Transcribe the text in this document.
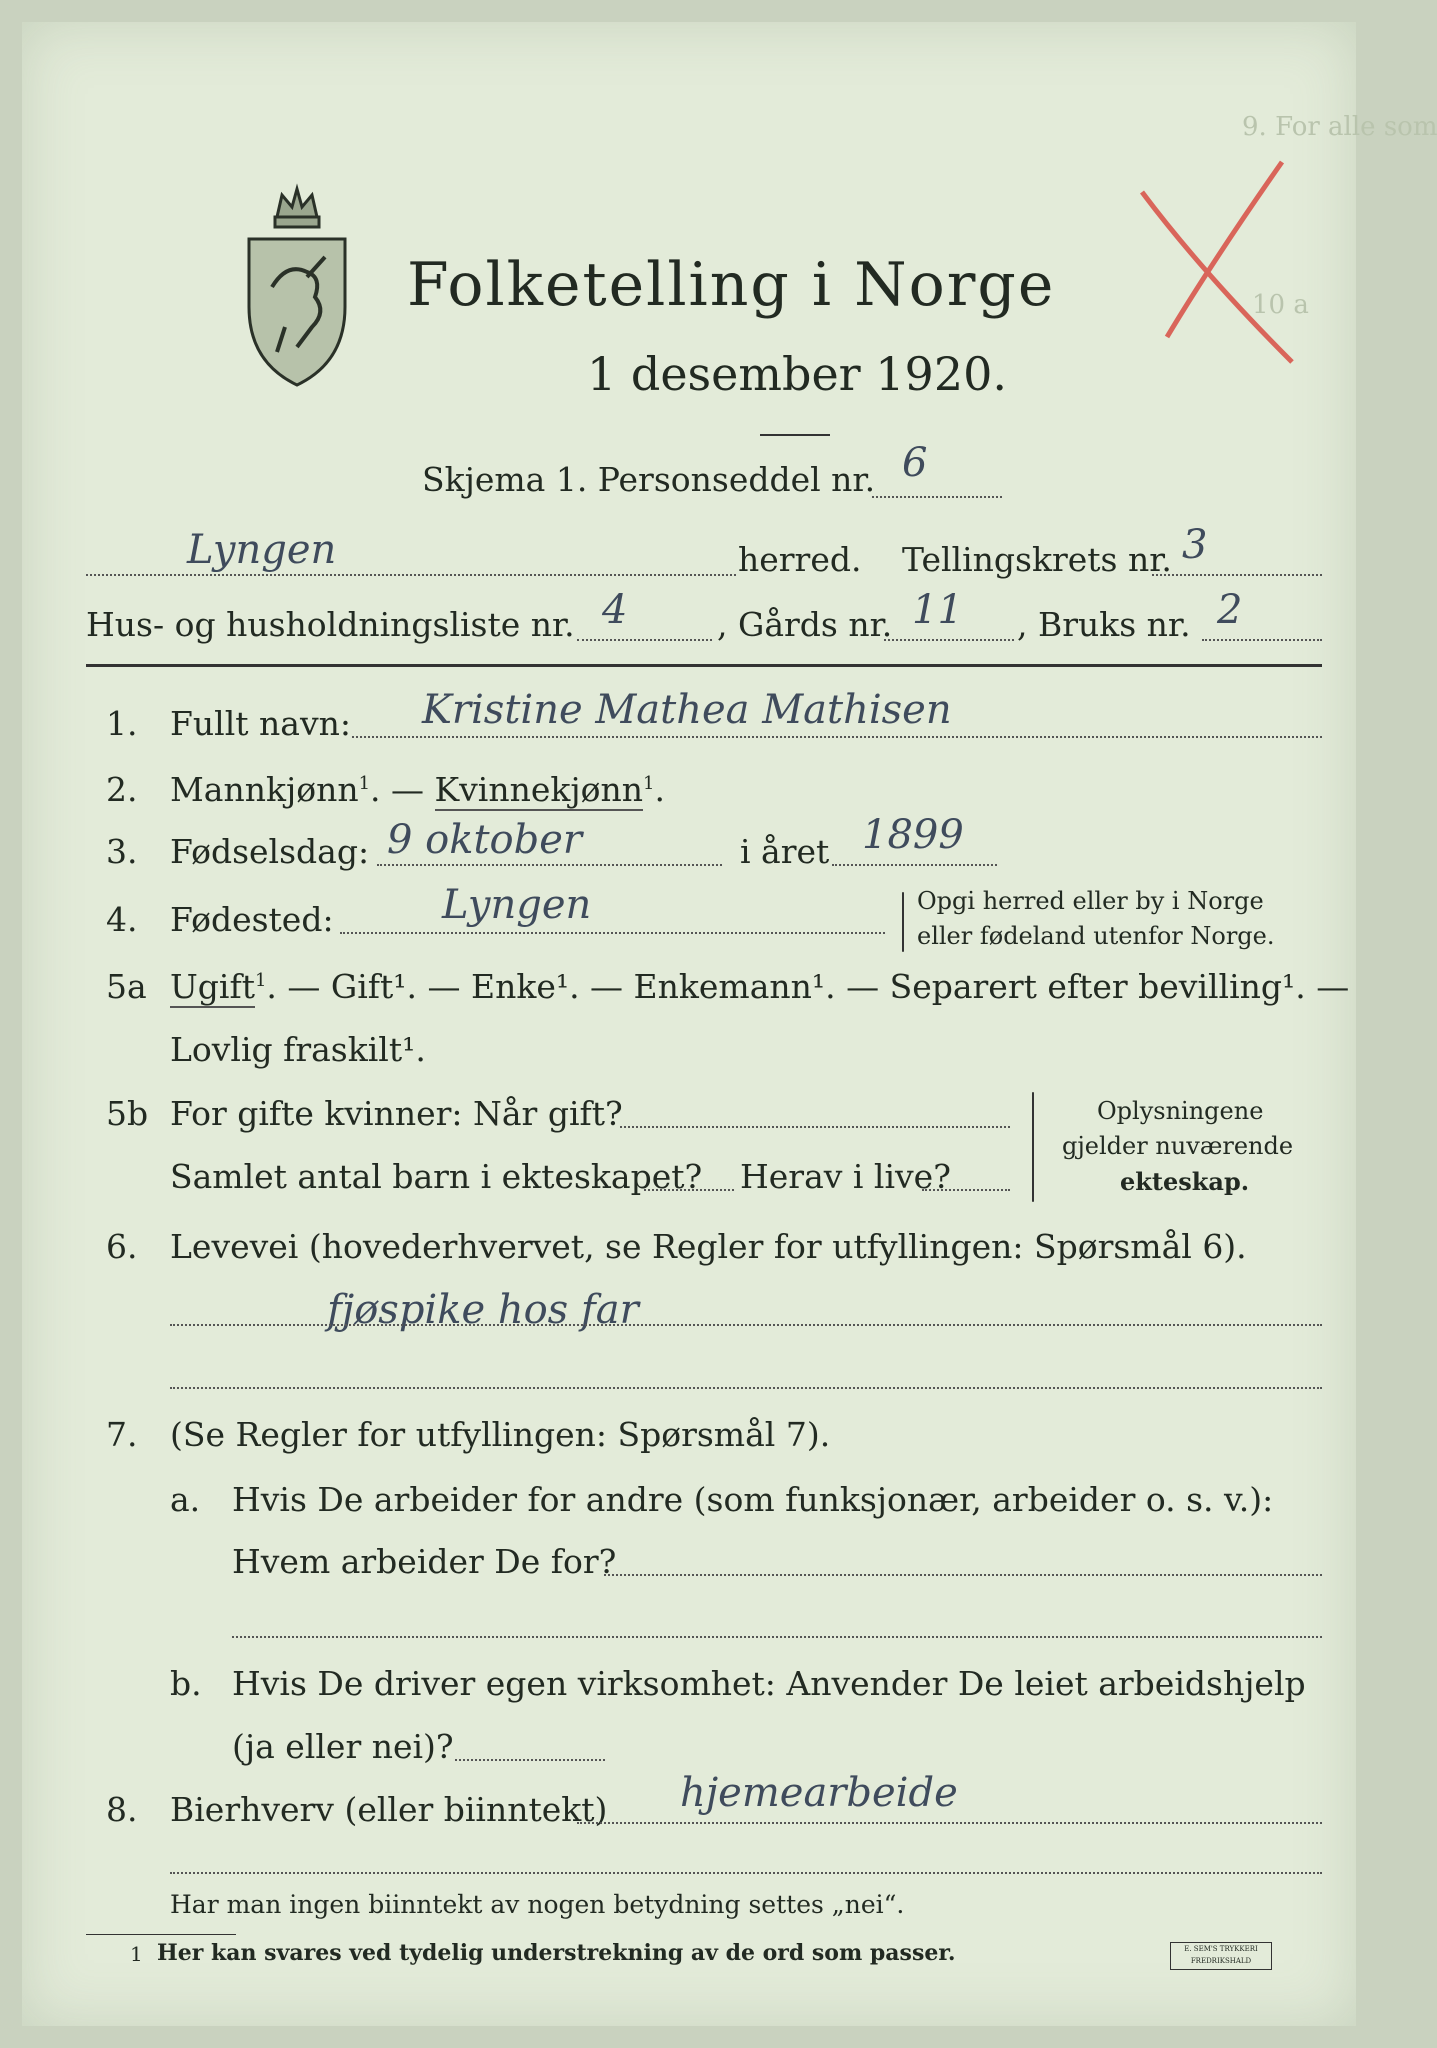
9. For alle som
10 a
Folketelling i Norge
1 desember 1920.
Skjema 1. Personseddel nr. 6
Lyngen	herred. Tellingskrets nr. 3
Hus- og husholdningsliste nr. 4	, Gårds nr. 11 , Bruks nr. 2
1. Fullt navn: Kristine Mathea Mathisen
2. Mannkjønn$^1$. — Kvinnekjønn$^1$.
3. Fødselsdag: 9 oktober	i året 1899
4. Fødested:	Lyngen	Opgi herred eller by i Norge
eller fødeland utenfor Norge.
5a Ugift$^1$. — Gift¹. — Enke¹. — Enkemann¹. — Separert efter bevilling¹. —
Lovlig fraskilt¹.
5b For gifte kvinner: Når gift?
Samlet antal barn i ekteskapet? Herav i live?
Oplysningene
gjelder nuværende
ekteskap.
6. Levevei (hovederhvervet, se Regler for utfyllingen: Spørsmål 6).
fjøspike hos far
7. (Se Regler for utfyllingen: Spørsmål 7).
a. Hvis De arbeider for andre (som funksjonær, arbeider o. s. v.):
Hvem arbeider De for?
b. Hvis De driver egen virksomhet: Anvender De leiet arbeidshjelp
(ja eller nei)?
8. Bierhverv (eller biinntekt) hjemearbeide
Har man ingen biinntekt av nogen betydning settes „nei“.
1 Her kan svares ved tydelig understrekning av de ord som passer.	E. SEM'S TRYKKERI FREDRIKSHALD
